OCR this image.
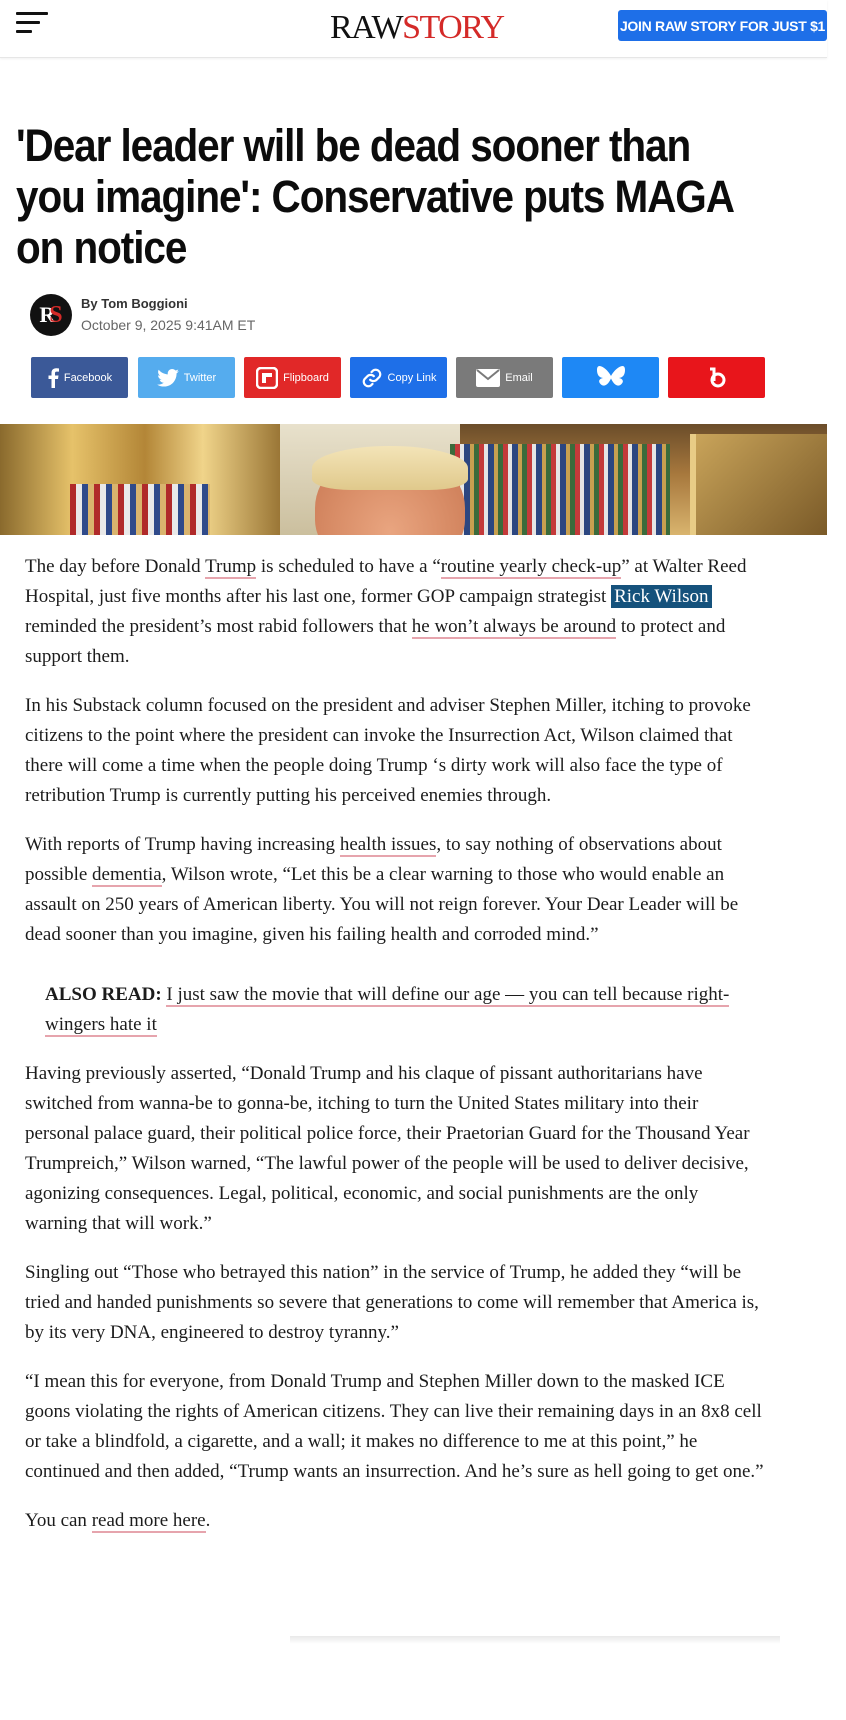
RAWSTORY	JOIN RAW STORY FOR JUST $1
'Dear leader will be dead sooner than you imagine': Conservative puts MAGA on notice
R S By Tom Boggioni
October 9, 2025 9:41AM ET
Facebook	Twitter	Flipboard	Copy Link	Email

The day before Donald Trump is scheduled to have a “routine yearly check-up” at Walter Reed Hospital, just five months after his last one, former GOP campaign strategist Rick Wilson reminded the president’s most rabid followers that he won’t always be around to protect and support them.

In his Substack column focused on the president and adviser Stephen Miller, itching to provoke citizens to the point where the president can invoke the Insurrection Act, Wilson claimed that there will come a time when the people doing Trump ‘s dirty work will also face the type of retribution Trump is currently putting his perceived enemies through.

With reports of Trump having increasing health issues, to say nothing of observations about possible dementia, Wilson wrote, “Let this be a clear warning to those who would enable an assault on 250 years of American liberty. You will not reign forever. Your Dear Leader will be dead sooner than you imagine, given his failing health and corroded mind.”

ALSO READ: I just saw the movie that will define our age — you can tell because right-wingers hate it

Having previously asserted, “Donald Trump and his claque of pissant authoritarians have switched from wanna-be to gonna-be, itching to turn the United States military into their personal palace guard, their political police force, their Praetorian Guard for the Thousand Year Trumpreich,” Wilson warned, “The lawful power of the people will be used to deliver decisive, agonizing consequences. Legal, political, economic, and social punishments are the only warning that will work.”

Singling out “Those who betrayed this nation” in the service of Trump, he added they “will be tried and handed punishments so severe that generations to come will remember that America is, by its very DNA, engineered to destroy tyranny.”

“I mean this for everyone, from Donald Trump and Stephen Miller down to the masked ICE goons violating the rights of American citizens. They can live their remaining days in an 8x8 cell or take a blindfold, a cigarette, and a wall; it makes no difference to me at this point,” he continued and then added, “Trump wants an insurrection. And he’s sure as hell going to get one.”

You can read more here.
